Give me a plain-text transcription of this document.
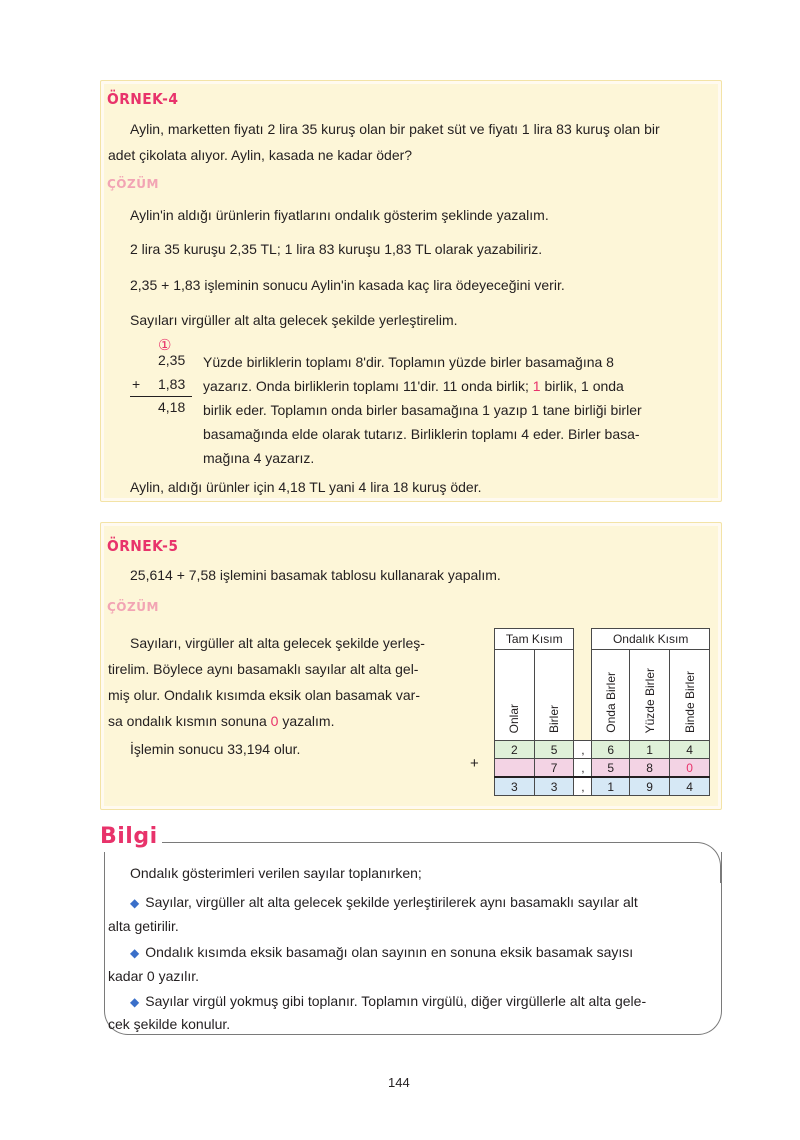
ÖRNEK-4
Aylin, marketten fiyatı 2 lira 35 kuruş olan bir paket süt ve fiyatı 1 lira 83 kuruş olan bir
adet çikolata alıyor. Aylin, kasada ne kadar öder?
ÇÖZÜM
Aylin'in aldığı ürünlerin fiyatlarını ondalık gösterim şeklinde yazalım.
2 lira 35 kuruşu 2,35 TL; 1 lira 83 kuruşu 1,83 TL olarak yazabiliriz.
2,35 + 1,83 işleminin sonucu Aylin'in kasada kaç lira ödeyeceğini verir.
Sayıları virgüller alt alta gelecek şekilde yerleştirelim.
①
2,35
+ 1,83
4,18
Yüzde birliklerin toplamı 8'dir. Toplamın yüzde birler basamağına 8
yazarız. Onda birliklerin toplamı 11'dir. 11 onda birlik; 1 birlik, 1 onda
birlik eder. Toplamın onda birler basamağına 1 yazıp 1 tane birliği birler
basamağında elde olarak tutarız. Birliklerin toplamı 4 eder. Birler basa-
mağına 4 yazarız.
Aylin, aldığı ürünler için 4,18 TL yani 4 lira 18 kuruş öder.
ÖRNEK-5
25,614 + 7,58 işlemini basamak tablosu kullanarak yapalım.
ÇÖZÜM
Sayıları, virgüller alt alta gelecek şekilde yerleş-
tirelim. Böylece aynı basamaklı sayılar alt alta gel-
miş olur. Ondalık kısımda eksik olan basamak var-
sa ondalık kısmın sonuna 0 yazalım.
İşlemin sonucu 33,194 olur.
+
Tam Kısım			Ondalık Kısım		
Onlar	Birler		Onda Birler	Yüzde Birler	Binde Birler
2	5	,	6	1	4
	7	,	5	8	0
3	3	,	1	9	4
Bilgi
Ondalık gösterimleri verilen sayılar toplanırken;
◆ Sayılar, virgüller alt alta gelecek şekilde yerleştirilerek aynı basamaklı sayılar alt
alta getirilir.
◆ Ondalık kısımda eksik basamağı olan sayının en sonuna eksik basamak sayısı
kadar 0 yazılır.
◆ Sayılar virgül yokmuş gibi toplanır. Toplamın virgülü, diğer virgüllerle alt alta gele-
cek şekilde konulur.
144
